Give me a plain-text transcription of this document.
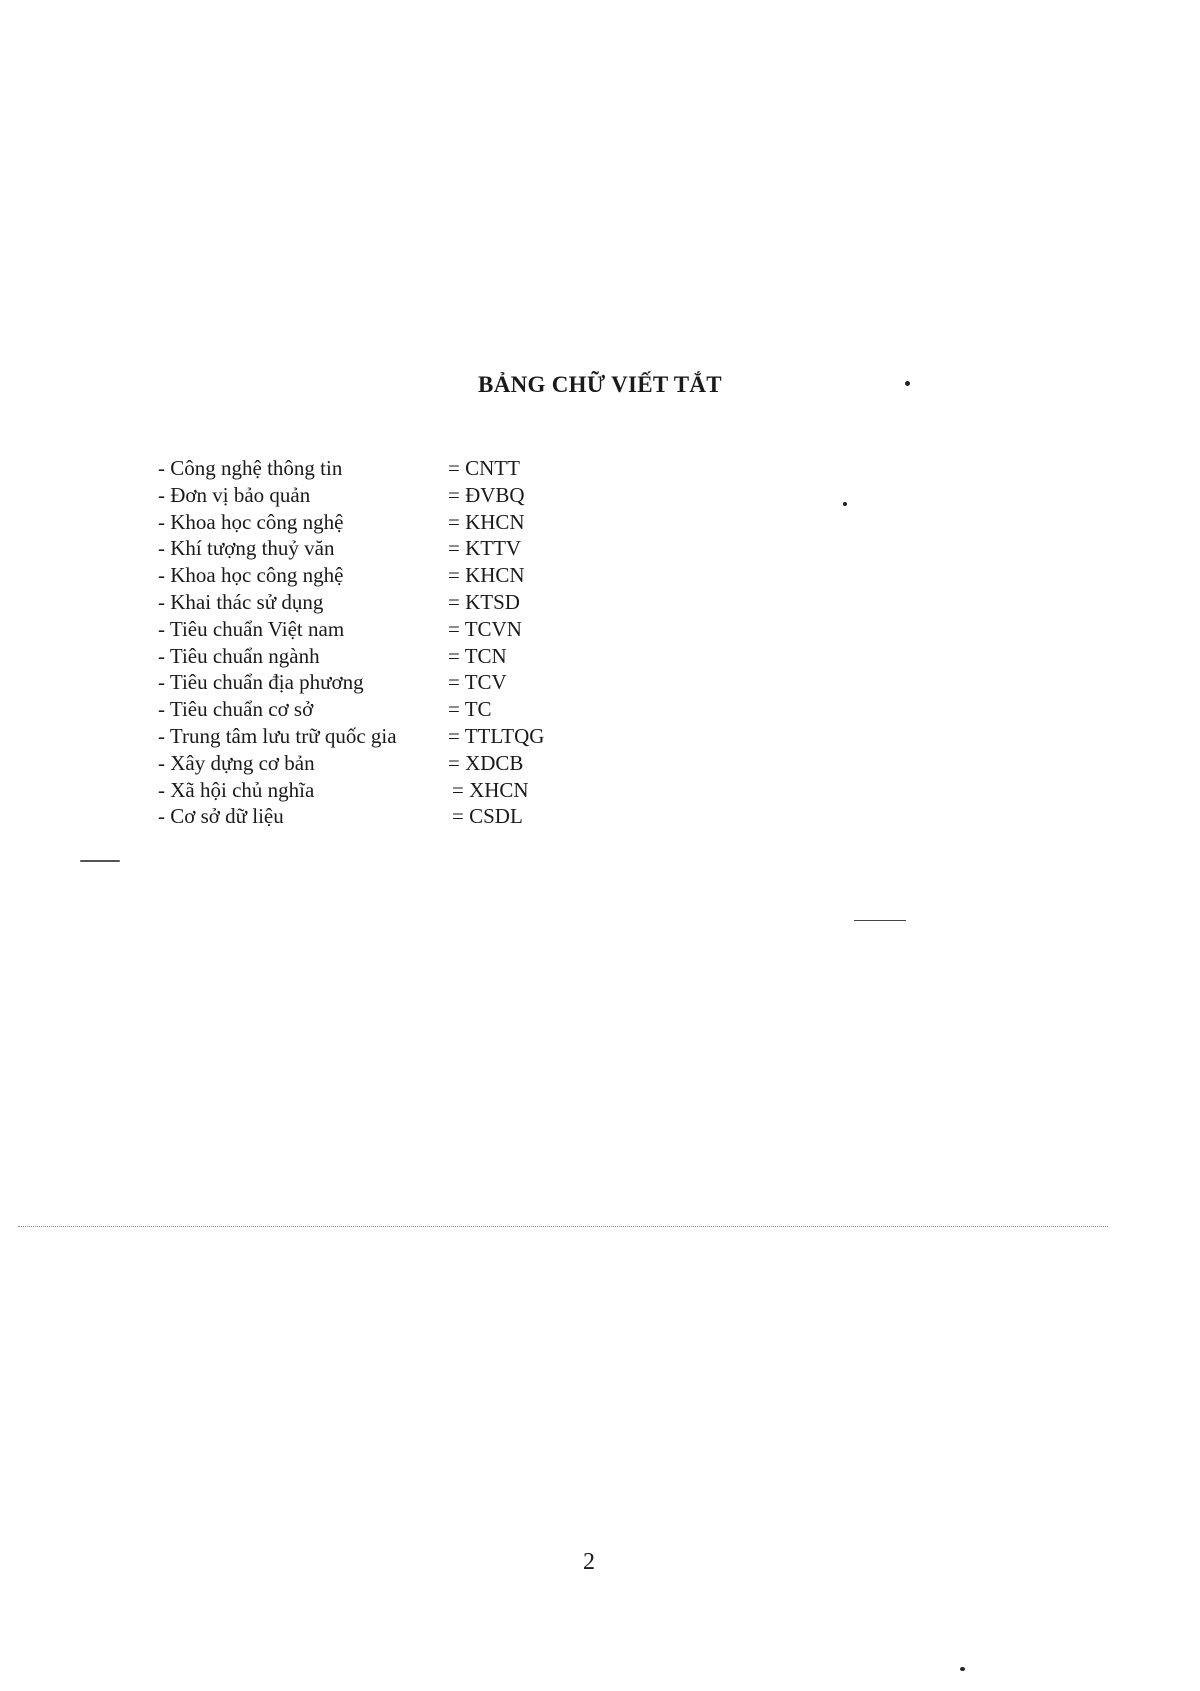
BẢNG CHỮ VIẾT TẮT
- Công nghệ thông tin	= CNTT
- Đơn vị bảo quản	= ĐVBQ
- Khoa học công nghệ	= KHCN
- Khí tượng thuỷ văn	= KTTV
- Khoa học công nghệ	= KHCN
- Khai thác sử dụng	= KTSD
- Tiêu chuẩn Việt nam	= TCVN
- Tiêu chuẩn ngành	= TCN
- Tiêu chuẩn địa phương	= TCV
- Tiêu chuẩn cơ sở	= TC
- Trung tâm lưu trữ quốc gia = TTLTQG
- Xây dựng cơ bản	= XDCB
- Xã hội chủ nghĩa	= XHCN
- Cơ sở dữ liệu	= CSDL
2
